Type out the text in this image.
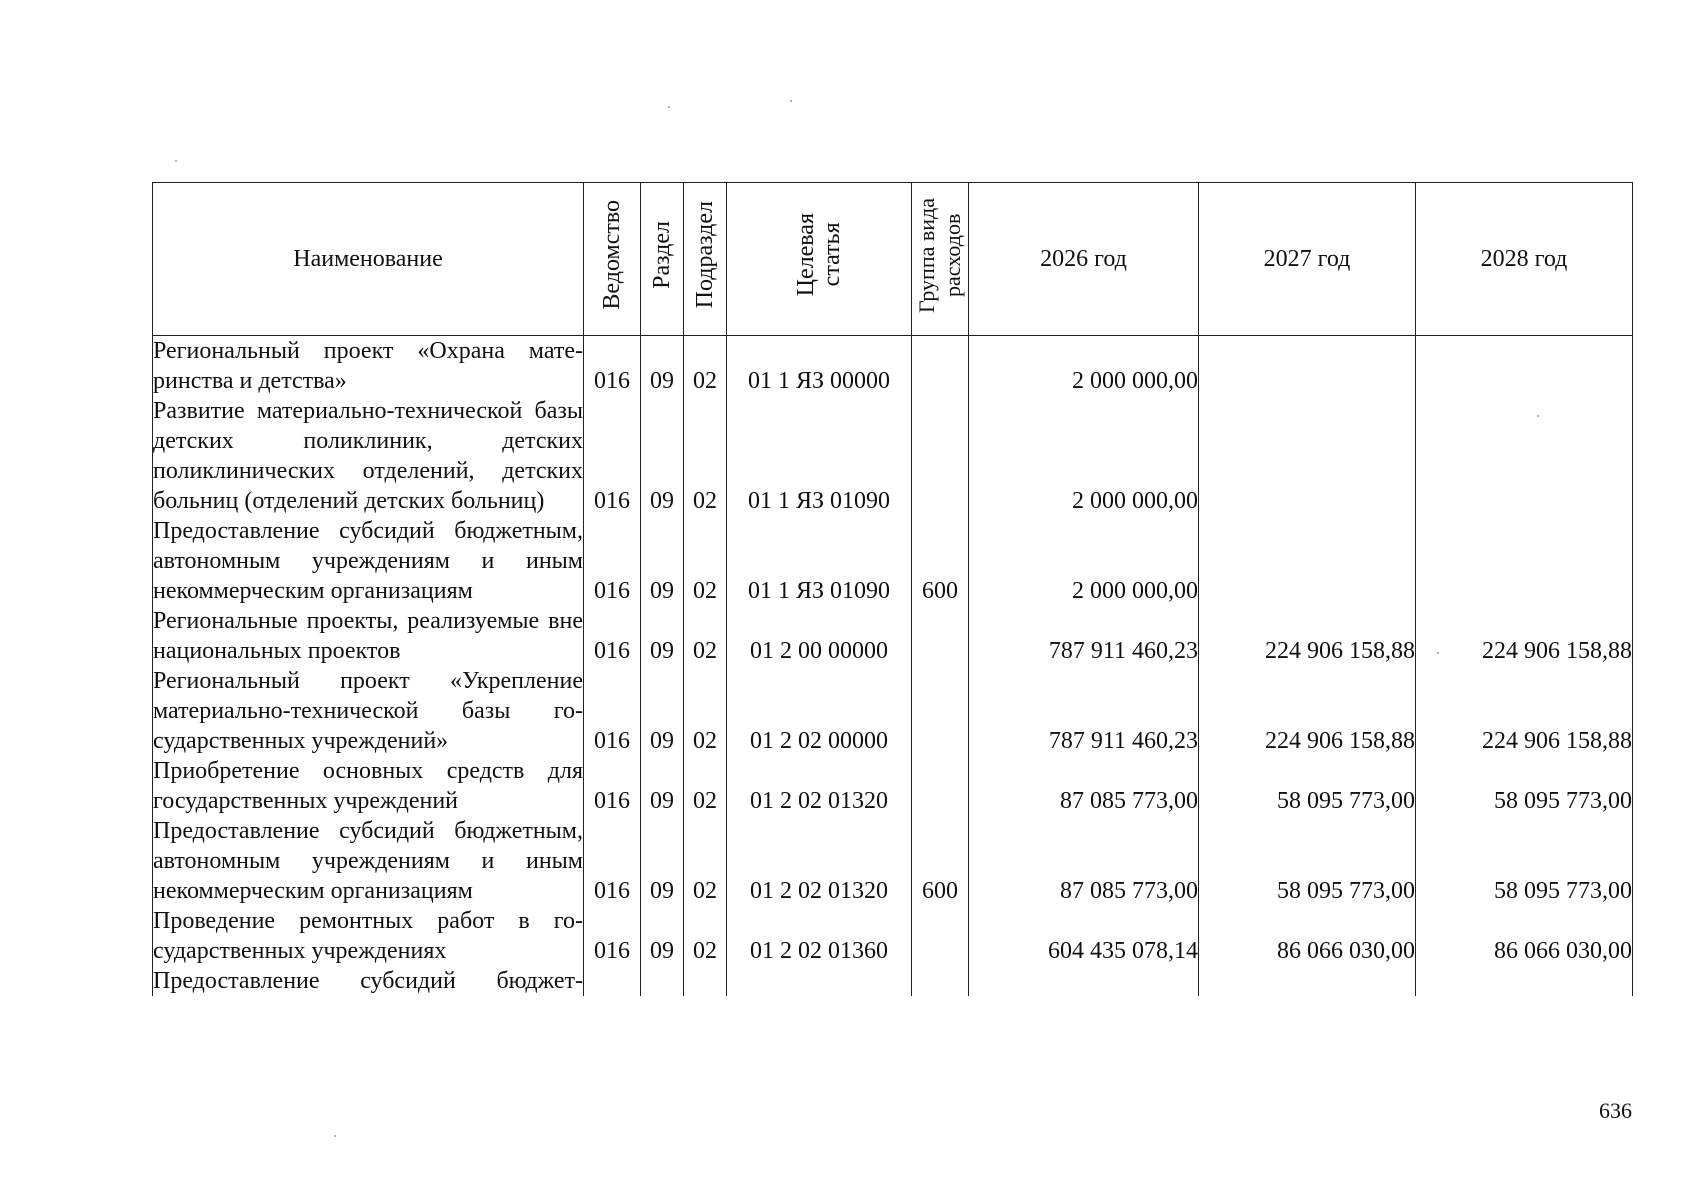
Наименование	Ведомство	Раздел	Подраздел	Целевая статья	Группа вида расходов	2026 год	2027 год	2028 год
Региональный проект «Охрана материнства и детства»	016	09	02	01 1 ЯЗ 00000		2 000 000,00		
Развитие материально-технической базы детских поликлиник, детских поликлинических отделений, детских больниц (отделений детских больниц)	016	09	02	01 1 ЯЗ 01090		2 000 000,00		
Предоставление субсидий бюджетным, автономным учреждениям и иным некоммерческим организациям	016	09	02	01 1 ЯЗ 01090	600	2 000 000,00		
Региональные проекты, реализуемые вне национальных проектов	016	09	02	01 2 00 00000		787 911 460,23	224 906 158,88	224 906 158,88
Региональный проект «Укрепление материально-технической базы государственных учреждений»	016	09	02	01 2 02 00000		787 911 460,23	224 906 158,88	224 906 158,88
Приобретение основных средств для государственных учреждений	016	09	02	01 2 02 01320		87 085 773,00	58 095 773,00	58 095 773,00
Предоставление субсидий бюджетным, автономным учреждениям и иным некоммерческим организациям	016	09	02	01 2 02 01320	600	87 085 773,00	58 095 773,00	58 095 773,00
Проведение ремонтных работ в государственных учреждениях	016	09	02	01 2 02 01360		604 435 078,14	86 066 030,00	86 066 030,00
Предоставление субсидий бюджет-								
636
